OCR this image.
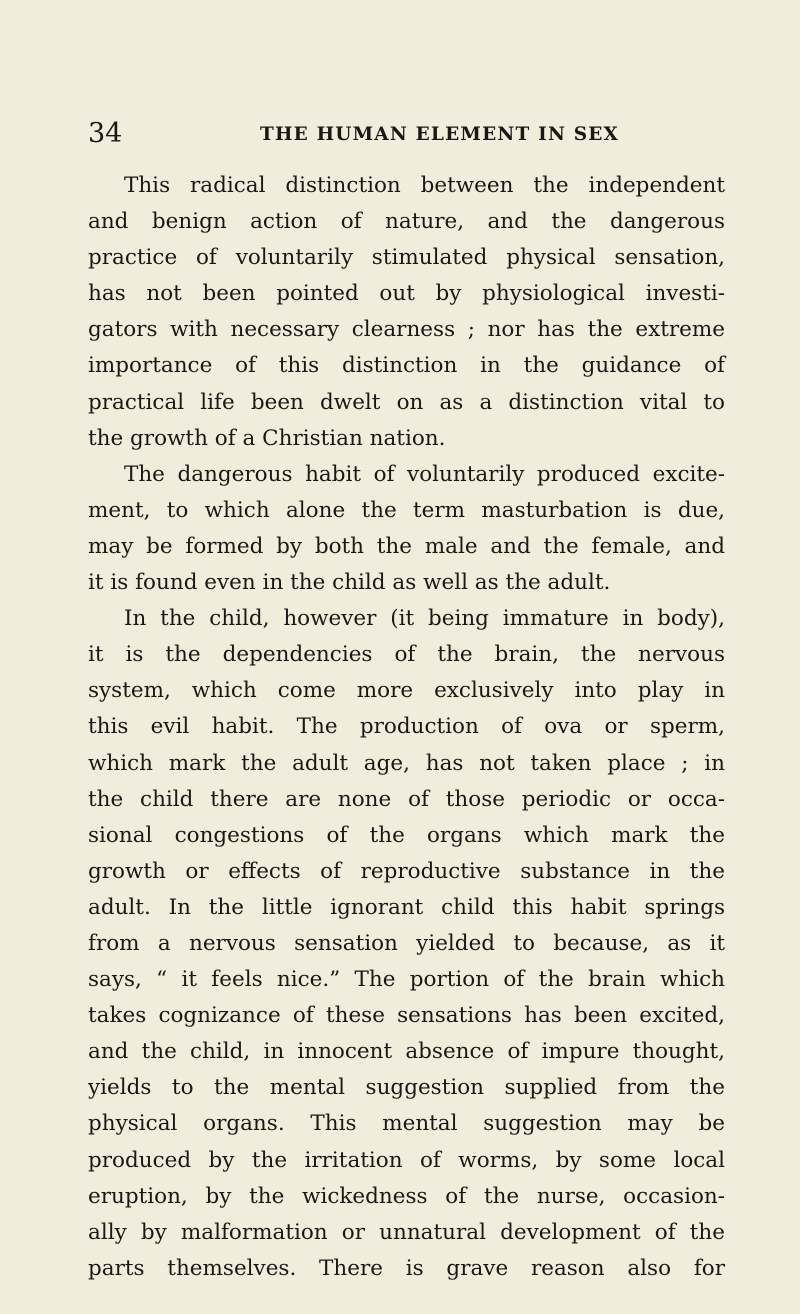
34	THE HUMAN ELEMENT IN SEX
This radical distinction between the independent
and benign action of nature, and the dangerous
practice of voluntarily stimulated physical sensation,
has not been pointed out by physiological investi-
gators with necessary clearness ; nor has the extreme
importance of this distinction in the guidance of
practical life been dwelt on as a distinction vital to
the growth of a Christian nation.
The dangerous habit of voluntarily produced excite-
ment, to which alone the term masturbation is due,
may be formed by both the male and the female, and
it is found even in the child as well as the adult.
In the child, however (it being immature in body),
it is the dependencies of the brain, the nervous
system, which come more exclusively into play in
this evil habit. The production of ova or sperm,
which mark the adult age, has not taken place ; in
the child there are none of those periodic or occa-
sional congestions of the organs which mark the
growth or effects of reproductive substance in the
adult. In the little ignorant child this habit springs
from a nervous sensation yielded to because, as it
says, “ it feels nice.” The portion of the brain which
takes cognizance of these sensations has been excited,
and the child, in innocent absence of impure thought,
yields to the mental suggestion supplied from the
physical organs. This mental suggestion may be
produced by the irritation of worms, by some local
eruption, by the wickedness of the nurse, occasion-
ally by malformation or unnatural development of the
parts themselves. There is grave reason also for
